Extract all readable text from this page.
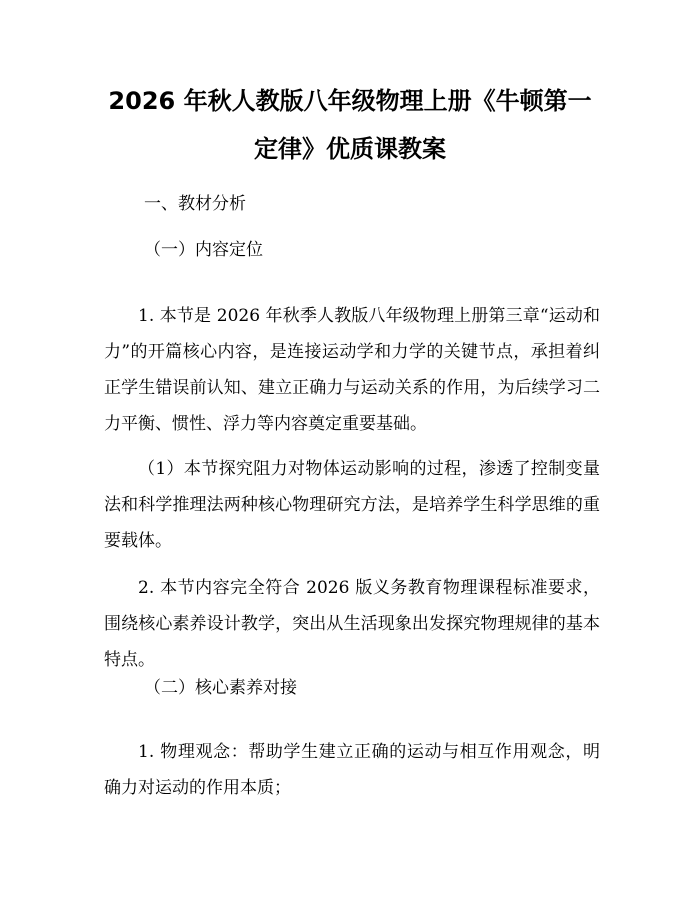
2026 年秋人教版八年级物理上册《牛顿第一
定律》优质课教案
一、教材分析
（一）内容定位

1. 本节是 2026 年秋季人教版八年级物理上册第三章“运动和力”的开篇核心内容，是连接运动学和力学的关键节点，承担着纠正学生错误前认知、建立正确力与运动关系的作用，为后续学习二力平衡、惯性、浮力等内容奠定重要基础。

（1）本节探究阻力对物体运动影响的过程，渗透了控制变量法和科学推理法两种核心物理研究方法，是培养学生科学思维的重要载体。

2. 本节内容完全符合 2026 版义务教育物理课程标准要求，围绕核心素养设计教学，突出从生活现象出发探究物理规律的基本特点。

（二）核心素养对接

1. 物理观念：帮助学生建立正确的运动与相互作用观念，明确力对运动的作用本质；
